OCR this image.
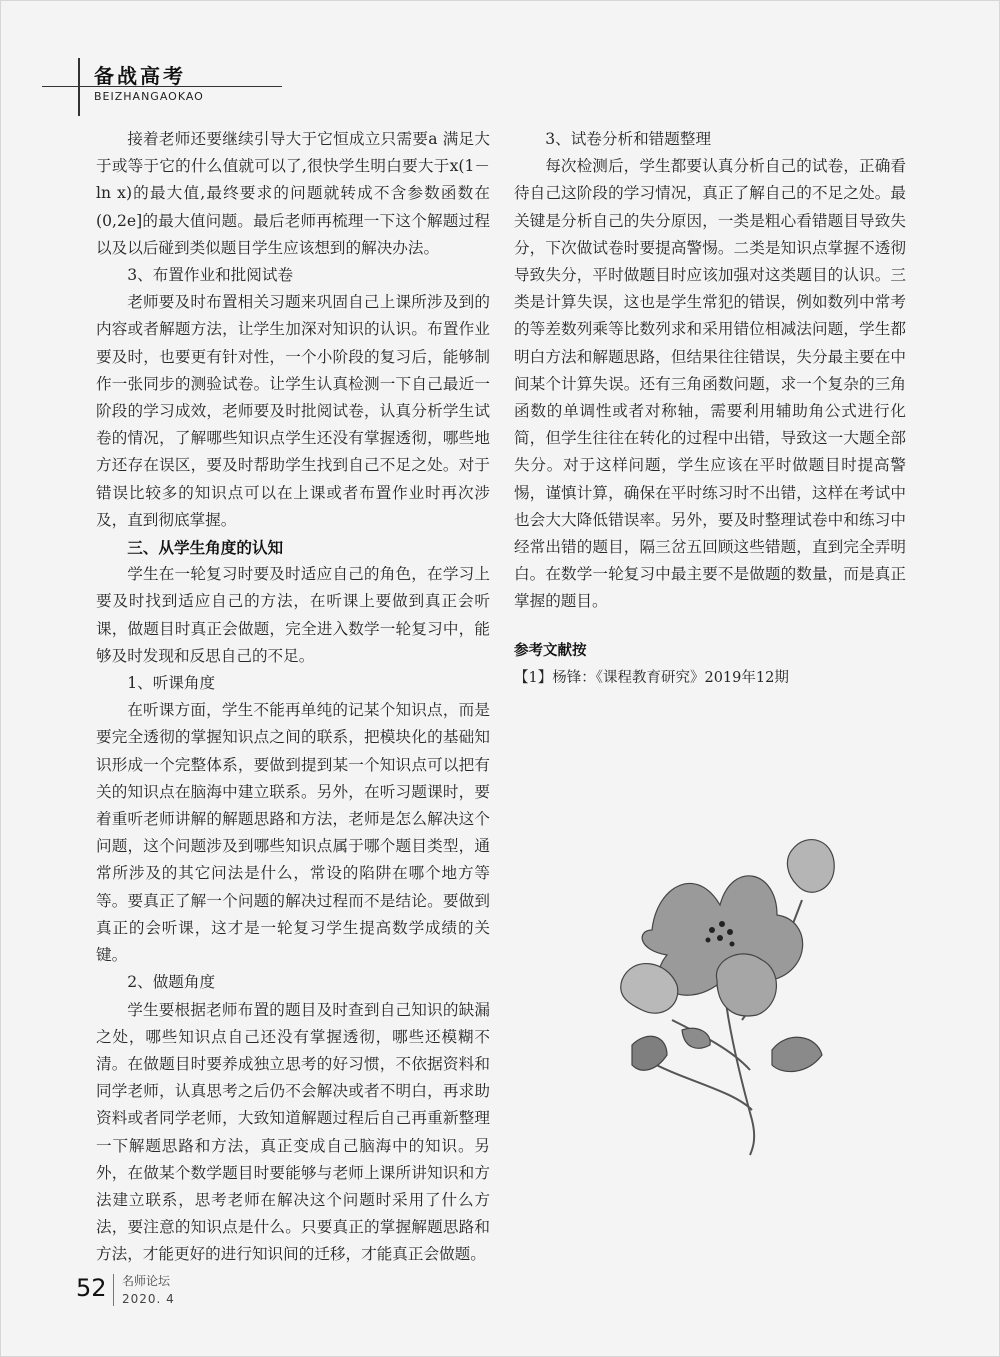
备战高考
BEIZHANGAOKAO

接着老师还要继续引导大于它恒成立只需要a 满足大于或等于它的什么值就可以了,很快学生明白要大于x(1－ln x)的最大值,最终要求的问题就转成不含参数函数在(0,2e]的最大值问题。最后老师再梳理一下这个解题过程以及以后碰到类似题目学生应该想到的解决办法。

3、布置作业和批阅试卷

老师要及时布置相关习题来巩固自己上课所涉及到的内容或者解题方法，让学生加深对知识的认识。布置作业要及时，也要更有针对性，一个小阶段的复习后，能够制作一张同步的测验试卷。让学生认真检测一下自己最近一阶段的学习成效，老师要及时批阅试卷，认真分析学生试卷的情况，了解哪些知识点学生还没有掌握透彻，哪些地方还存在误区，要及时帮助学生找到自己不足之处。对于错误比较多的知识点可以在上课或者布置作业时再次涉及，直到彻底掌握。

三、从学生角度的认知

学生在一轮复习时要及时适应自己的角色，在学习上要及时找到适应自己的方法，在听课上要做到真正会听课，做题目时真正会做题，完全进入数学一轮复习中，能够及时发现和反思自己的不足。

1、听课角度

在听课方面，学生不能再单纯的记某个知识点，而是要完全透彻的掌握知识点之间的联系，把模块化的基础知识形成一个完整体系，要做到提到某一个知识点可以把有关的知识点在脑海中建立联系。另外，在听习题课时，要着重听老师讲解的解题思路和方法，老师是怎么解决这个问题，这个问题涉及到哪些知识点属于哪个题目类型，通常所涉及的其它问法是什么，常设的陷阱在哪个地方等等。要真正了解一个问题的解决过程而不是结论。要做到真正的会听课，这才是一轮复习学生提高数学成绩的关键。

2、做题角度

学生要根据老师布置的题目及时查到自己知识的缺漏之处，哪些知识点自己还没有掌握透彻，哪些还模糊不清。在做题目时要养成独立思考的好习惯，不依据资料和同学老师，认真思考之后仍不会解决或者不明白，再求助资料或者同学老师，大致知道解题过程后自己再重新整理一下解题思路和方法，真正变成自己脑海中的知识。另外，在做某个数学题目时要能够与老师上课所讲知识和方法建立联系，思考老师在解决这个问题时采用了什么方法，要注意的知识点是什么。只要真正的掌握解题思路和方法，才能更好的进行知识间的迁移，才能真正会做题。

3、试卷分析和错题整理

每次检测后，学生都要认真分析自己的试卷，正确看待自己这阶段的学习情况，真正了解自己的不足之处。最关键是分析自己的失分原因，一类是粗心看错题目导致失分，下次做试卷时要提高警惕。二类是知识点掌握不透彻导致失分，平时做题目时应该加强对这类题目的认识。三类是计算失误，这也是学生常犯的错误，例如数列中常考的等差数列乘等比数列求和采用错位相减法问题，学生都明白方法和解题思路，但结果往往错误，失分最主要在中间某个计算失误。还有三角函数问题，求一个复杂的三角函数的单调性或者对称轴，需要利用辅助角公式进行化简，但学生往往在转化的过程中出错，导致这一大题全部失分。对于这样问题，学生应该在平时做题目时提高警惕，谨慎计算，确保在平时练习时不出错，这样在考试中也会大大降低错误率。另外，要及时整理试卷中和练习中经常出错的题目，隔三岔五回顾这些错题，直到完全弄明白。在数学一轮复习中最主要不是做题的数量，而是真正掌握的题目。

参考文献按

【1】杨锋：《课程教育研究》2019年12期

52 名师论坛
2020. 4
